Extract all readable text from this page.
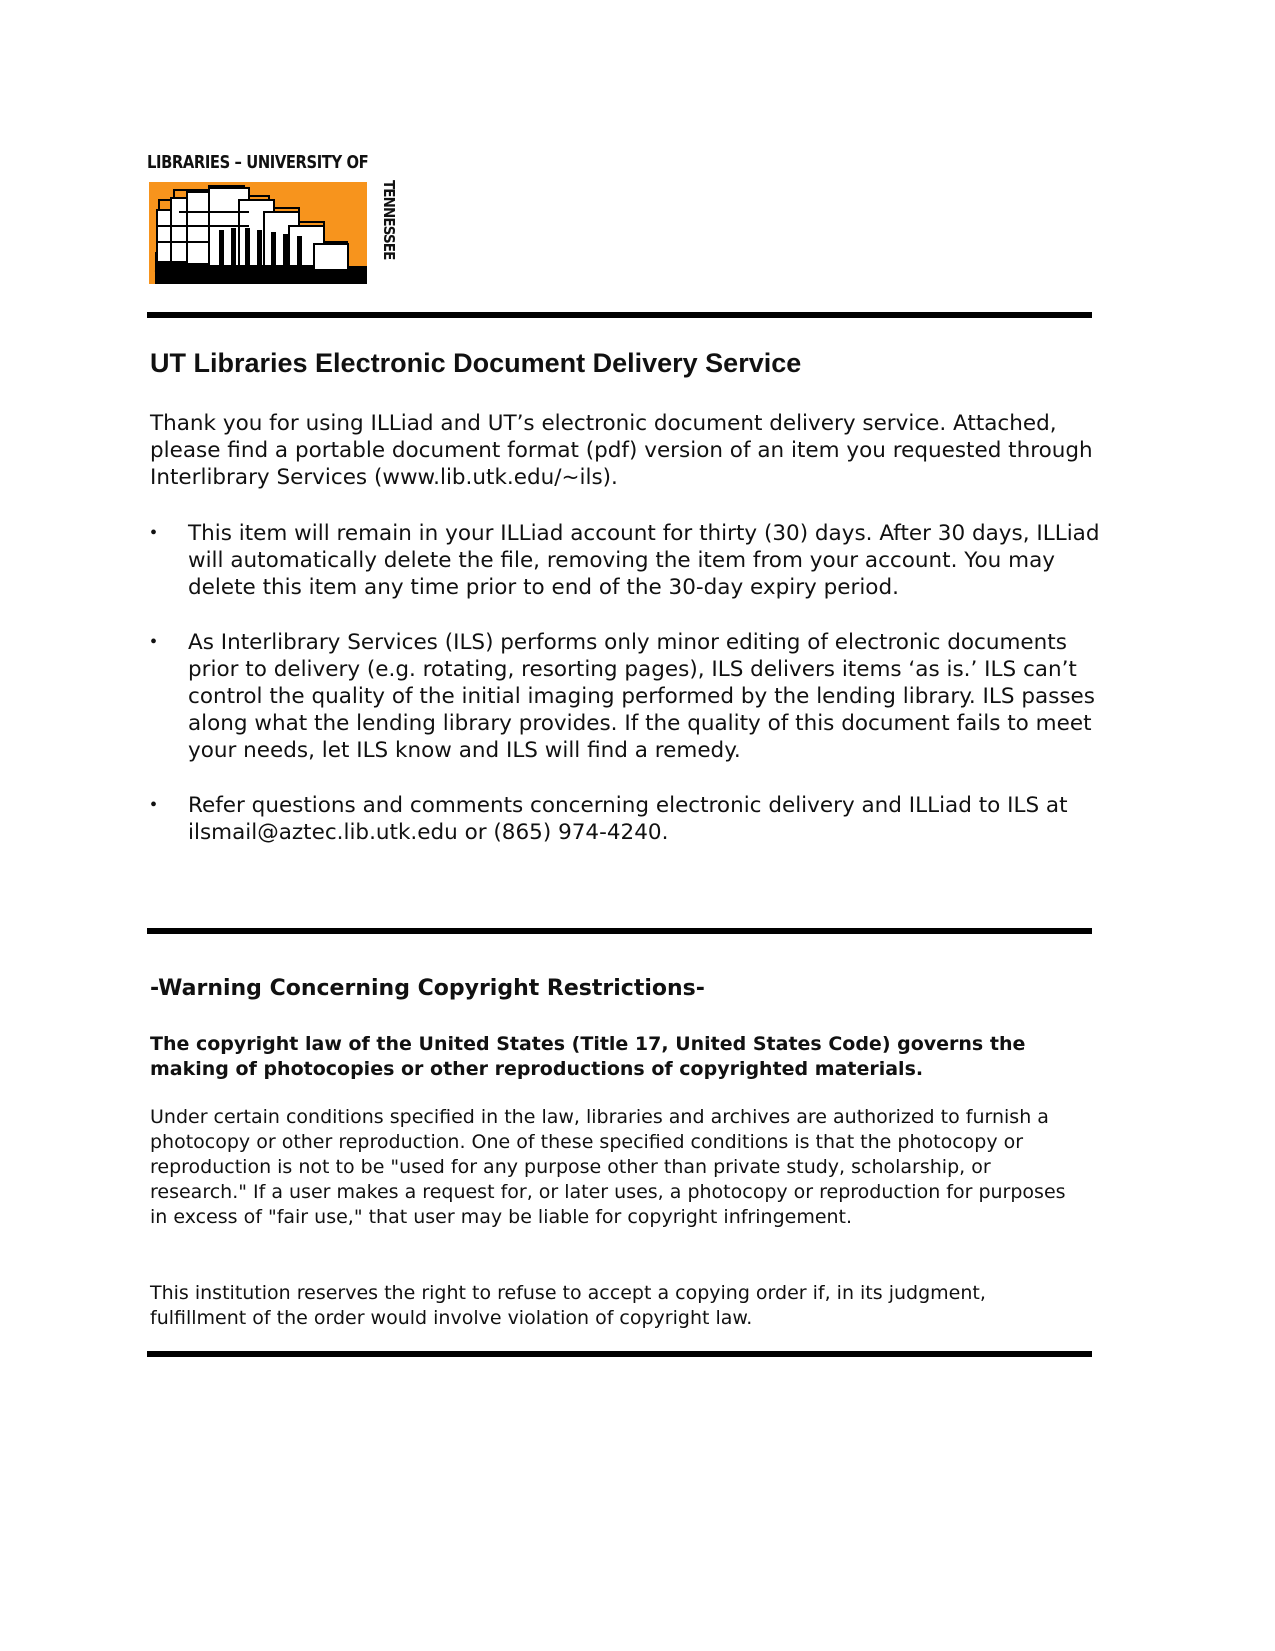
LIBRARIES – UNIVERSITY OF
TENNESSEE
UT Libraries Electronic Document Delivery Service

Thank you for using ILLiad and UT’s electronic document delivery service. Attached, please find a portable document format (pdf) version of an item you requested through Interlibrary Services (www.lib.utk.edu/~ils).

• This item will remain in your ILLiad account for thirty (30) days. After 30 days, ILLiad will automatically delete the file, removing the item from your account. You may delete this item any time prior to end of the 30-day expiry period.
• As Interlibrary Services (ILS) performs only minor editing of electronic documents prior to delivery (e.g. rotating, resorting pages), ILS delivers items ‘as is.’ ILS can’t control the quality of the initial imaging performed by the lending library. ILS passes along what the lending library provides. If the quality of this document fails to meet your needs, let ILS know and ILS will find a remedy.
• Refer questions and comments concerning electronic delivery and ILLiad to ILS at ilsmail@aztec.lib.utk.edu or (865) 974-4240.
-Warning Concerning Copyright Restrictions-

The copyright law of the United States (Title 17, United States Code) governs the making of photocopies or other reproductions of copyrighted materials.

Under certain conditions specified in the law, libraries and archives are authorized to furnish a photocopy or other reproduction. One of these specified conditions is that the photocopy or reproduction is not to be "used for any purpose other than private study, scholarship, or research." If a user makes a request for, or later uses, a photocopy or reproduction for purposes in excess of "fair use," that user may be liable for copyright infringement.

This institution reserves the right to refuse to accept a copying order if, in its judgment, fulfillment of the order would involve violation of copyright law.
